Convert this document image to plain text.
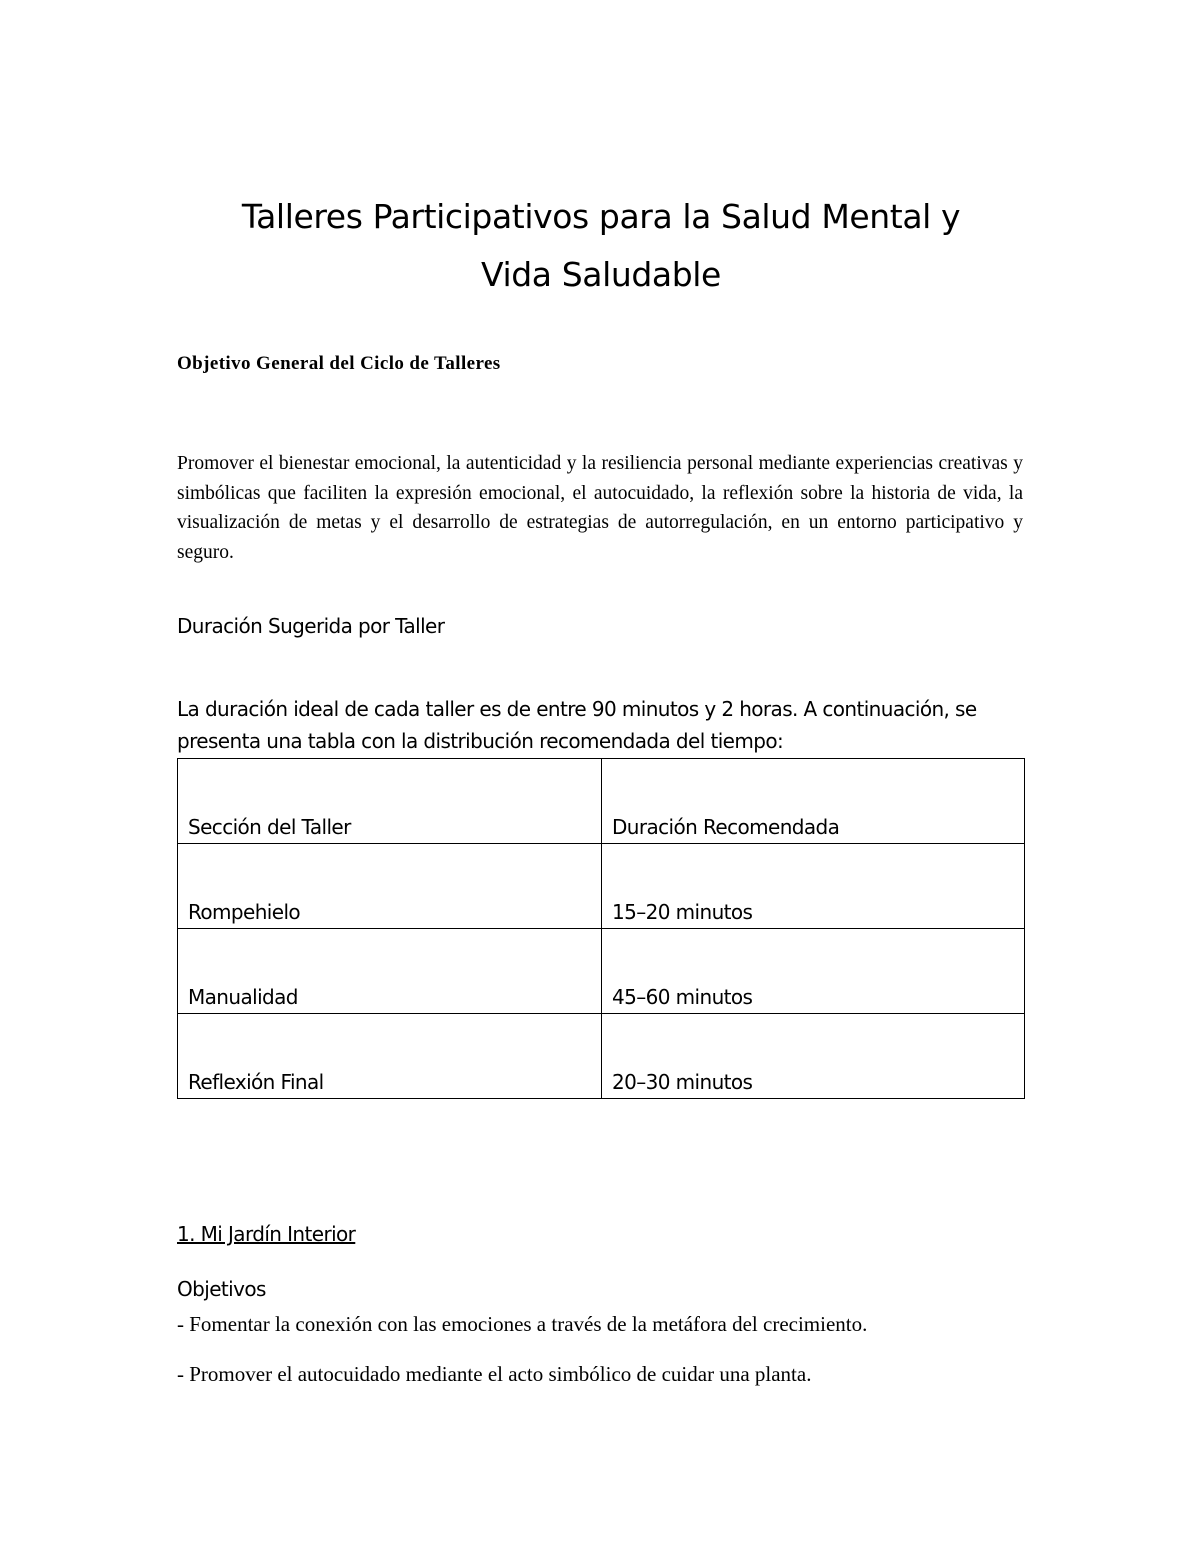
Talleres Participativos para la Salud Mental y
Vida Saludable

Objetivo General del Ciclo de Talleres

Promover el bienestar emocional, la autenticidad y la resiliencia personal mediante experiencias creativas y simbólicas que faciliten la expresión emocional, el autocuidado, la reflexión sobre la historia de vida, la visualización de metas y el desarrollo de estrategias de autorregulación, en un entorno participativo y seguro.

Duración Sugerida por Taller

La duración ideal de cada taller es de entre 90 minutos y 2 horas. A continuación, se presenta una tabla con la distribución recomendada del tiempo:

Sección del Taller	Duración Recomendada
Rompehielo	15–20 minutos
Manualidad	45–60 minutos
Reflexión Final	20–30 minutos
1. Mi Jardín Interior
Objetivos

- Fomentar la conexión con las emociones a través de la metáfora del crecimiento.

- Promover el autocuidado mediante el acto simbólico de cuidar una planta.
